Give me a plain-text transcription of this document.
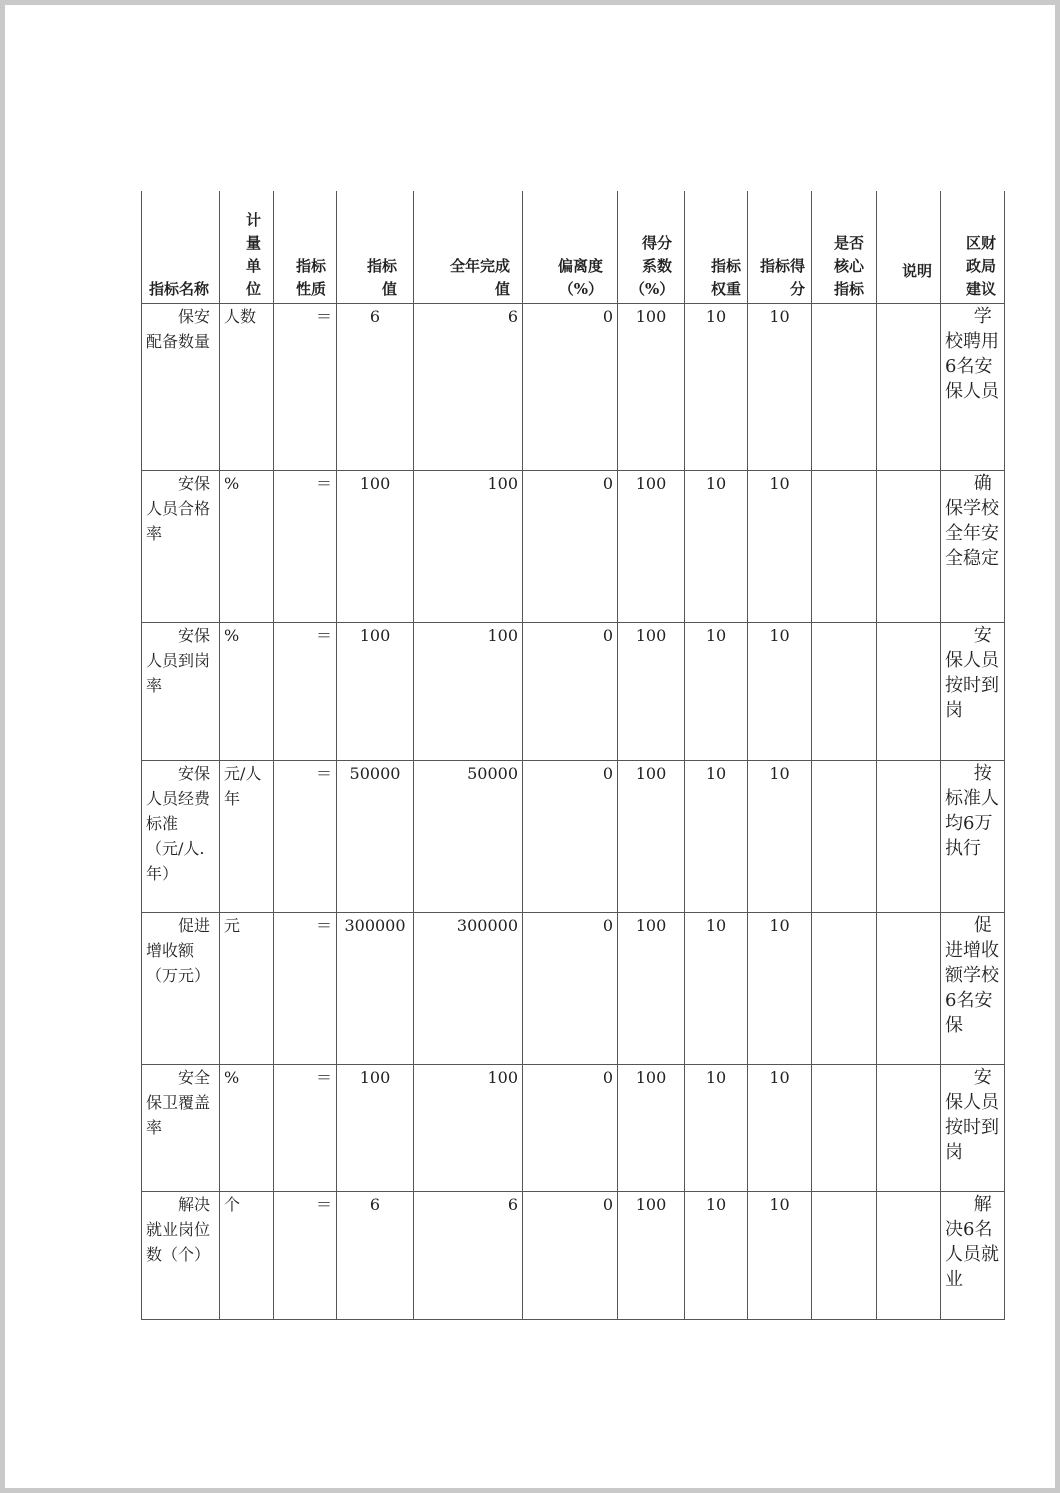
指标名称	计量单位	指标性质	指标值	全年完成值	偏离度（%）	得分系数（%）	指标权重	指标得分	是否核心指标	说明	区财政局建议
保安配备数量	人数	＝	6	6	0	100	10	10			学校聘用6名安保人员
安保人员合格率	%	＝	100	100	0	100	10	10			确保学校全年安全稳定
安保人员到岗率	%	＝	100	100	0	100	10	10			安保人员按时到岗
安保人员经费标准（元/人.年）	元/人年	＝	50000	50000	0	100	10	10			按标准人均6万执行
促进增收额（万元）	元	＝	300000	300000	0	100	10	10			促进增收额学校6名安保
安全保卫覆盖率	%	＝	100	100	0	100	10	10			安保人员按时到岗
解决就业岗位数（个）	个	＝	6	6	0	100	10	10			解决6名人员就业
